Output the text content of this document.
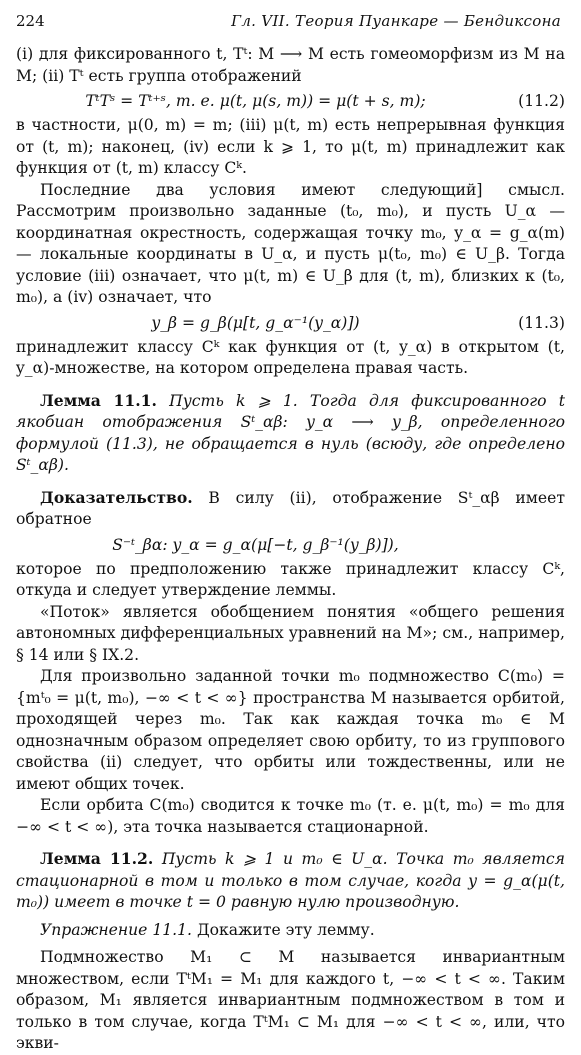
224	Гл. VII. Теория Пуанкаре — Бендиксона

(i) для фиксированного t, Tᵗ: M ⟶ M есть гомеоморфизм из M на M; (ii) Tᵗ есть группа отображений

TᵗTˢ = Tᵗ⁺ˢ, т. е. μ(t, μ(s, m)) = μ(t + s, m);	(11.2)

в частности, μ(0, m) = m; (iii) μ(t, m) есть непрерывная функция от (t, m); наконец, (iv) если k ⩾ 1, то μ(t, m) принадлежит как функция от (t, m) классу Cᵏ.

Последние два условия имеют следующий] смысл. Рассмотрим произвольно заданные (t₀, m₀), и пусть U_α — координатная окрестность, содержащая точку m₀, y_α = g_α(m) — локальные координаты в U_α, и пусть μ(t₀, m₀) ∈ U_β. Тогда условие (iii) означает, что μ(t, m) ∈ U_β для (t, m), близких к (t₀, m₀), а (iv) означает, что

y_β = g_β(μ[t, g_α⁻¹(y_α)])	(11.3)

принадлежит классу Cᵏ как функция от (t, y_α) в открытом (t, y_α)-множестве, на котором определена правая часть.

Лемма 11.1. Пусть k ⩾ 1. Тогда для фиксированного t якобиан отображения Sᵗ_αβ: y_α ⟶ y_β, определенного формулой (11.3), не обращается в нуль (всюду, где определено Sᵗ_αβ).

Доказательство. В силу (ii), отображение Sᵗ_αβ имеет обратное

S⁻ᵗ_βα: y_α = g_α(μ[−t, g_β⁻¹(y_β)]),

которое по предположению также принадлежит классу Cᵏ, откуда и следует утверждение леммы.

«Поток» является обобщением понятия «общего решения автономных дифференциальных уравнений на M»; см., например, § 14 или § IX.2.

Для произвольно заданной точки m₀ подмножество C(m₀) = {mᵗ₀ = μ(t, m₀), −∞ < t < ∞} пространства M называется орбитой, проходящей через m₀. Так как каждая точка m₀ ∈ M однозначным образом определяет свою орбиту, то из группового свойства (ii) следует, что орбиты или тождественны, или не имеют общих точек.

Если орбита C(m₀) сводится к точке m₀ (т. е. μ(t, m₀) = m₀ для −∞ < t < ∞), эта точка называется стационарной.

Лемма 11.2. Пусть k ⩾ 1 и m₀ ∈ U_α. Точка m₀ является стационарной в том и только в том случае, когда y = g_α(μ(t, m₀)) имеет в точке t = 0 равную нулю производную.

Упражнение 11.1. Докажите эту лемму.

Подмножество M₁ ⊂ M называется инвариантным множеством, если TᵗM₁ = M₁ для каждого t, −∞ < t < ∞. Таким образом, M₁ является инвариантным подмножеством в том и только в том случае, когда TᵗM₁ ⊂ M₁ для −∞ < t < ∞, или, что экви-
